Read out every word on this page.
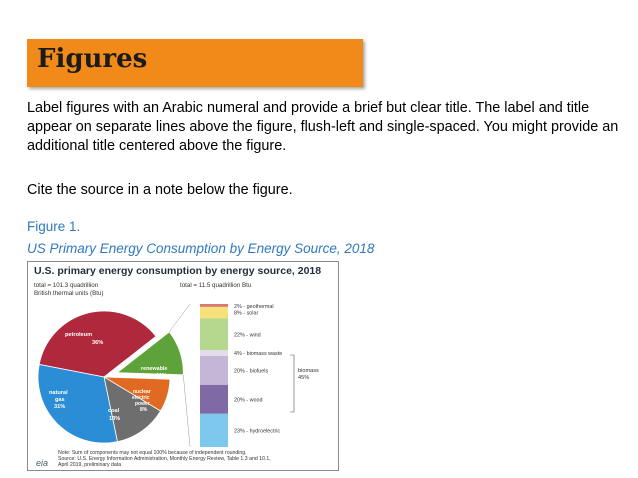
Figures

Label figures with an Arabic numeral and provide a brief but clear title. The label and title appear on separate lines above the figure, flush-left and single-spaced. You might provide an additional title centered above the figure.

Cite the source in a note below the figure.

Figure 1.
US Primary Energy Consumption by Energy Source, 2018
U.S. primary energy consumption by energy source, 2018
total = 101.3 quadrillion
British thermal units (Btu)
total = 11.5 quadrillion Btu
petroleum
36%
natural gas 31%
coal
13%
nuclear electric power 8%
renewable energy 11%
2% - geothermal
8% - solar
22% - wind
4% - biomass waste
20% - biofuels
20% - wood
23% - hydroelectric
biomass
45%
Note: Sum of components may not equal 100% because of independent rounding.
Source: U.S. Energy Information Administration, Monthly Energy Review, Table 1.3 and 10.1,
April 2019, preliminary data
eia
